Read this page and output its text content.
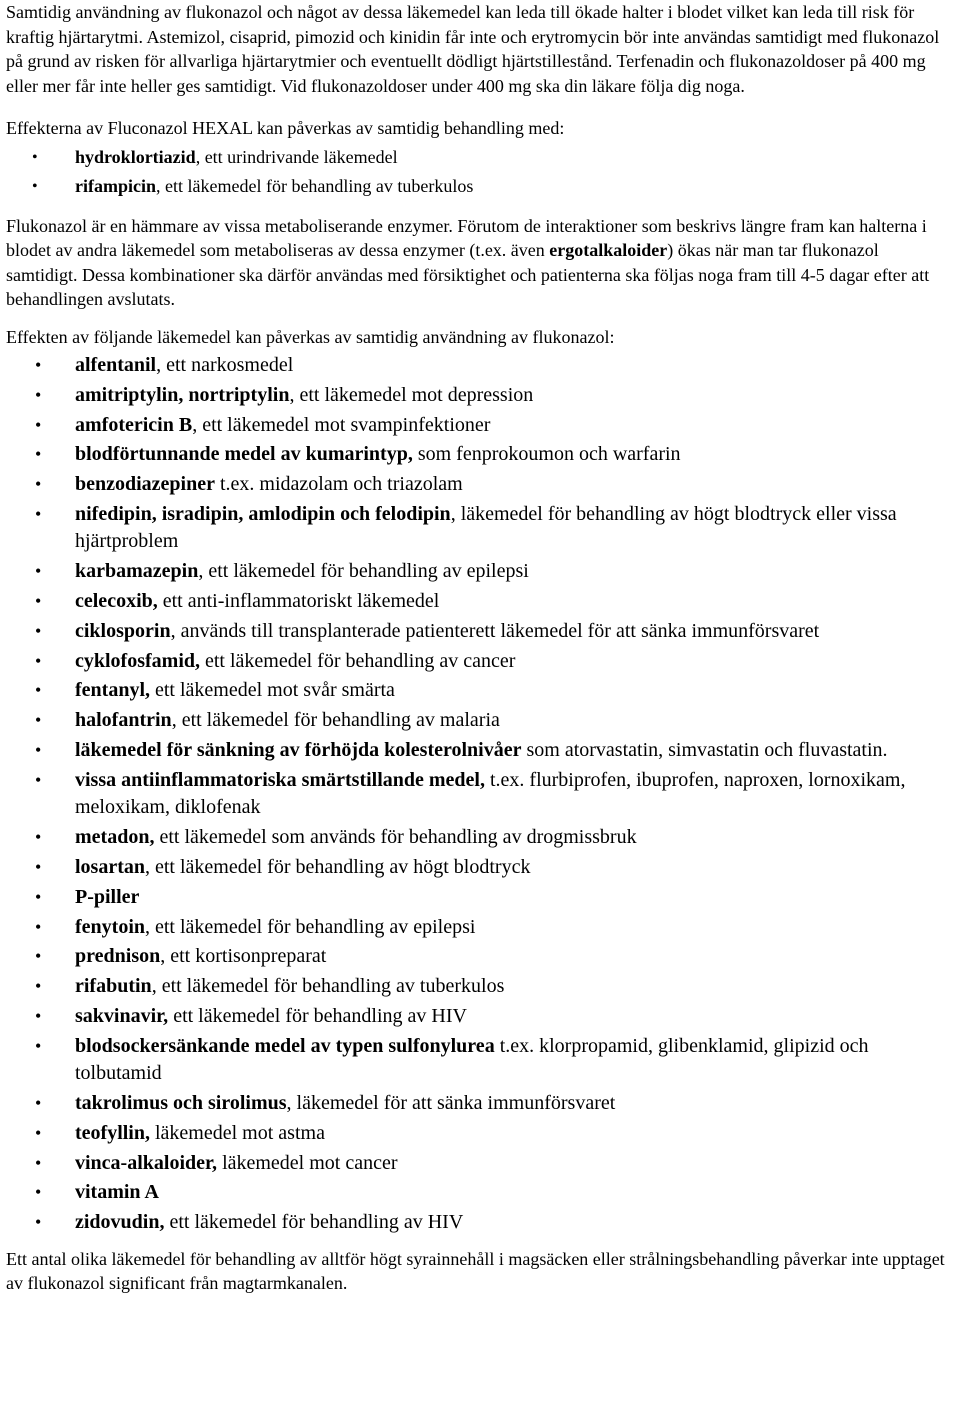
Samtidig användning av flukonazol och något av dessa läkemedel kan leda till ökade halter i blodet vilket kan leda till risk för kraftig hjärtarytmi. Astemizol, cisaprid, pimozid och kinidin får inte och erytromycin bör inte användas samtidigt med flukonazol på grund av risken för allvarliga hjärtarytmier och eventuellt dödligt hjärtstillestånd. Terfenadin och flukonazoldoser på 400 mg eller mer får inte heller ges samtidigt. Vid flukonazoldoser under 400 mg ska din läkare följa dig noga.

Effekterna av Fluconazol HEXAL kan påverkas av samtidig behandling med:

• hydroklortiazid, ett urindrivande läkemedel
• rifampicin, ett läkemedel för behandling av tuberkulos

Flukonazol är en hämmare av vissa metaboliserande enzymer. Förutom de interaktioner som beskrivs längre fram kan halterna i blodet av andra läkemedel som metaboliseras av dessa enzymer (t.ex. även ergotalkaloider) ökas när man tar flukonazol samtidigt. Dessa kombinationer ska därför användas med försiktighet och patienterna ska följas noga fram till 4-5 dagar efter att behandlingen avslutats.

Effekten av följande läkemedel kan påverkas av samtidig användning av flukonazol:

• alfentanil, ett narkosmedel
• amitriptylin, nortriptylin, ett läkemedel mot depression
• amfotericin B, ett läkemedel mot svampinfektioner
• blodförtunnande medel av kumarintyp, som fenprokoumon och warfarin
• benzodiazepiner t.ex. midazolam och triazolam
• nifedipin, isradipin, amlodipin och felodipin, läkemedel för behandling av högt blodtryck eller vissa hjärtproblem
• karbamazepin, ett läkemedel för behandling av epilepsi
• celecoxib, ett anti-inflammatoriskt läkemedel
• ciklosporin, används till transplanterade patienterett läkemedel för att sänka immunförsvaret
• cyklofosfamid, ett läkemedel för behandling av cancer
• fentanyl, ett läkemedel mot svår smärta
• halofantrin, ett läkemedel för behandling av malaria
• läkemedel för sänkning av förhöjda kolesterolnivåer som atorvastatin, simvastatin och fluvastatin.
• vissa antiinflammatoriska smärtstillande medel, t.ex. flurbiprofen, ibuprofen, naproxen, lornoxikam, meloxikam, diklofenak
• metadon, ett läkemedel som används för behandling av drogmissbruk
• losartan, ett läkemedel för behandling av högt blodtryck
• P-piller
• fenytoin, ett läkemedel för behandling av epilepsi
• prednison, ett kortisonpreparat
• rifabutin, ett läkemedel för behandling av tuberkulos
• sakvinavir, ett läkemedel för behandling av HIV
• blodsockersänkande medel av typen sulfonylurea t.ex. klorpropamid, glibenklamid, glipizid och tolbutamid
• takrolimus och sirolimus, läkemedel för att sänka immunförsvaret
• teofyllin, läkemedel mot astma
• vinca-alkaloider, läkemedel mot cancer
• vitamin A
• zidovudin, ett läkemedel för behandling av HIV

Ett antal olika läkemedel för behandling av alltför högt syrainnehåll i magsäcken eller strålningsbehandling påverkar inte upptaget av flukonazol significant från magtarmkanalen.
